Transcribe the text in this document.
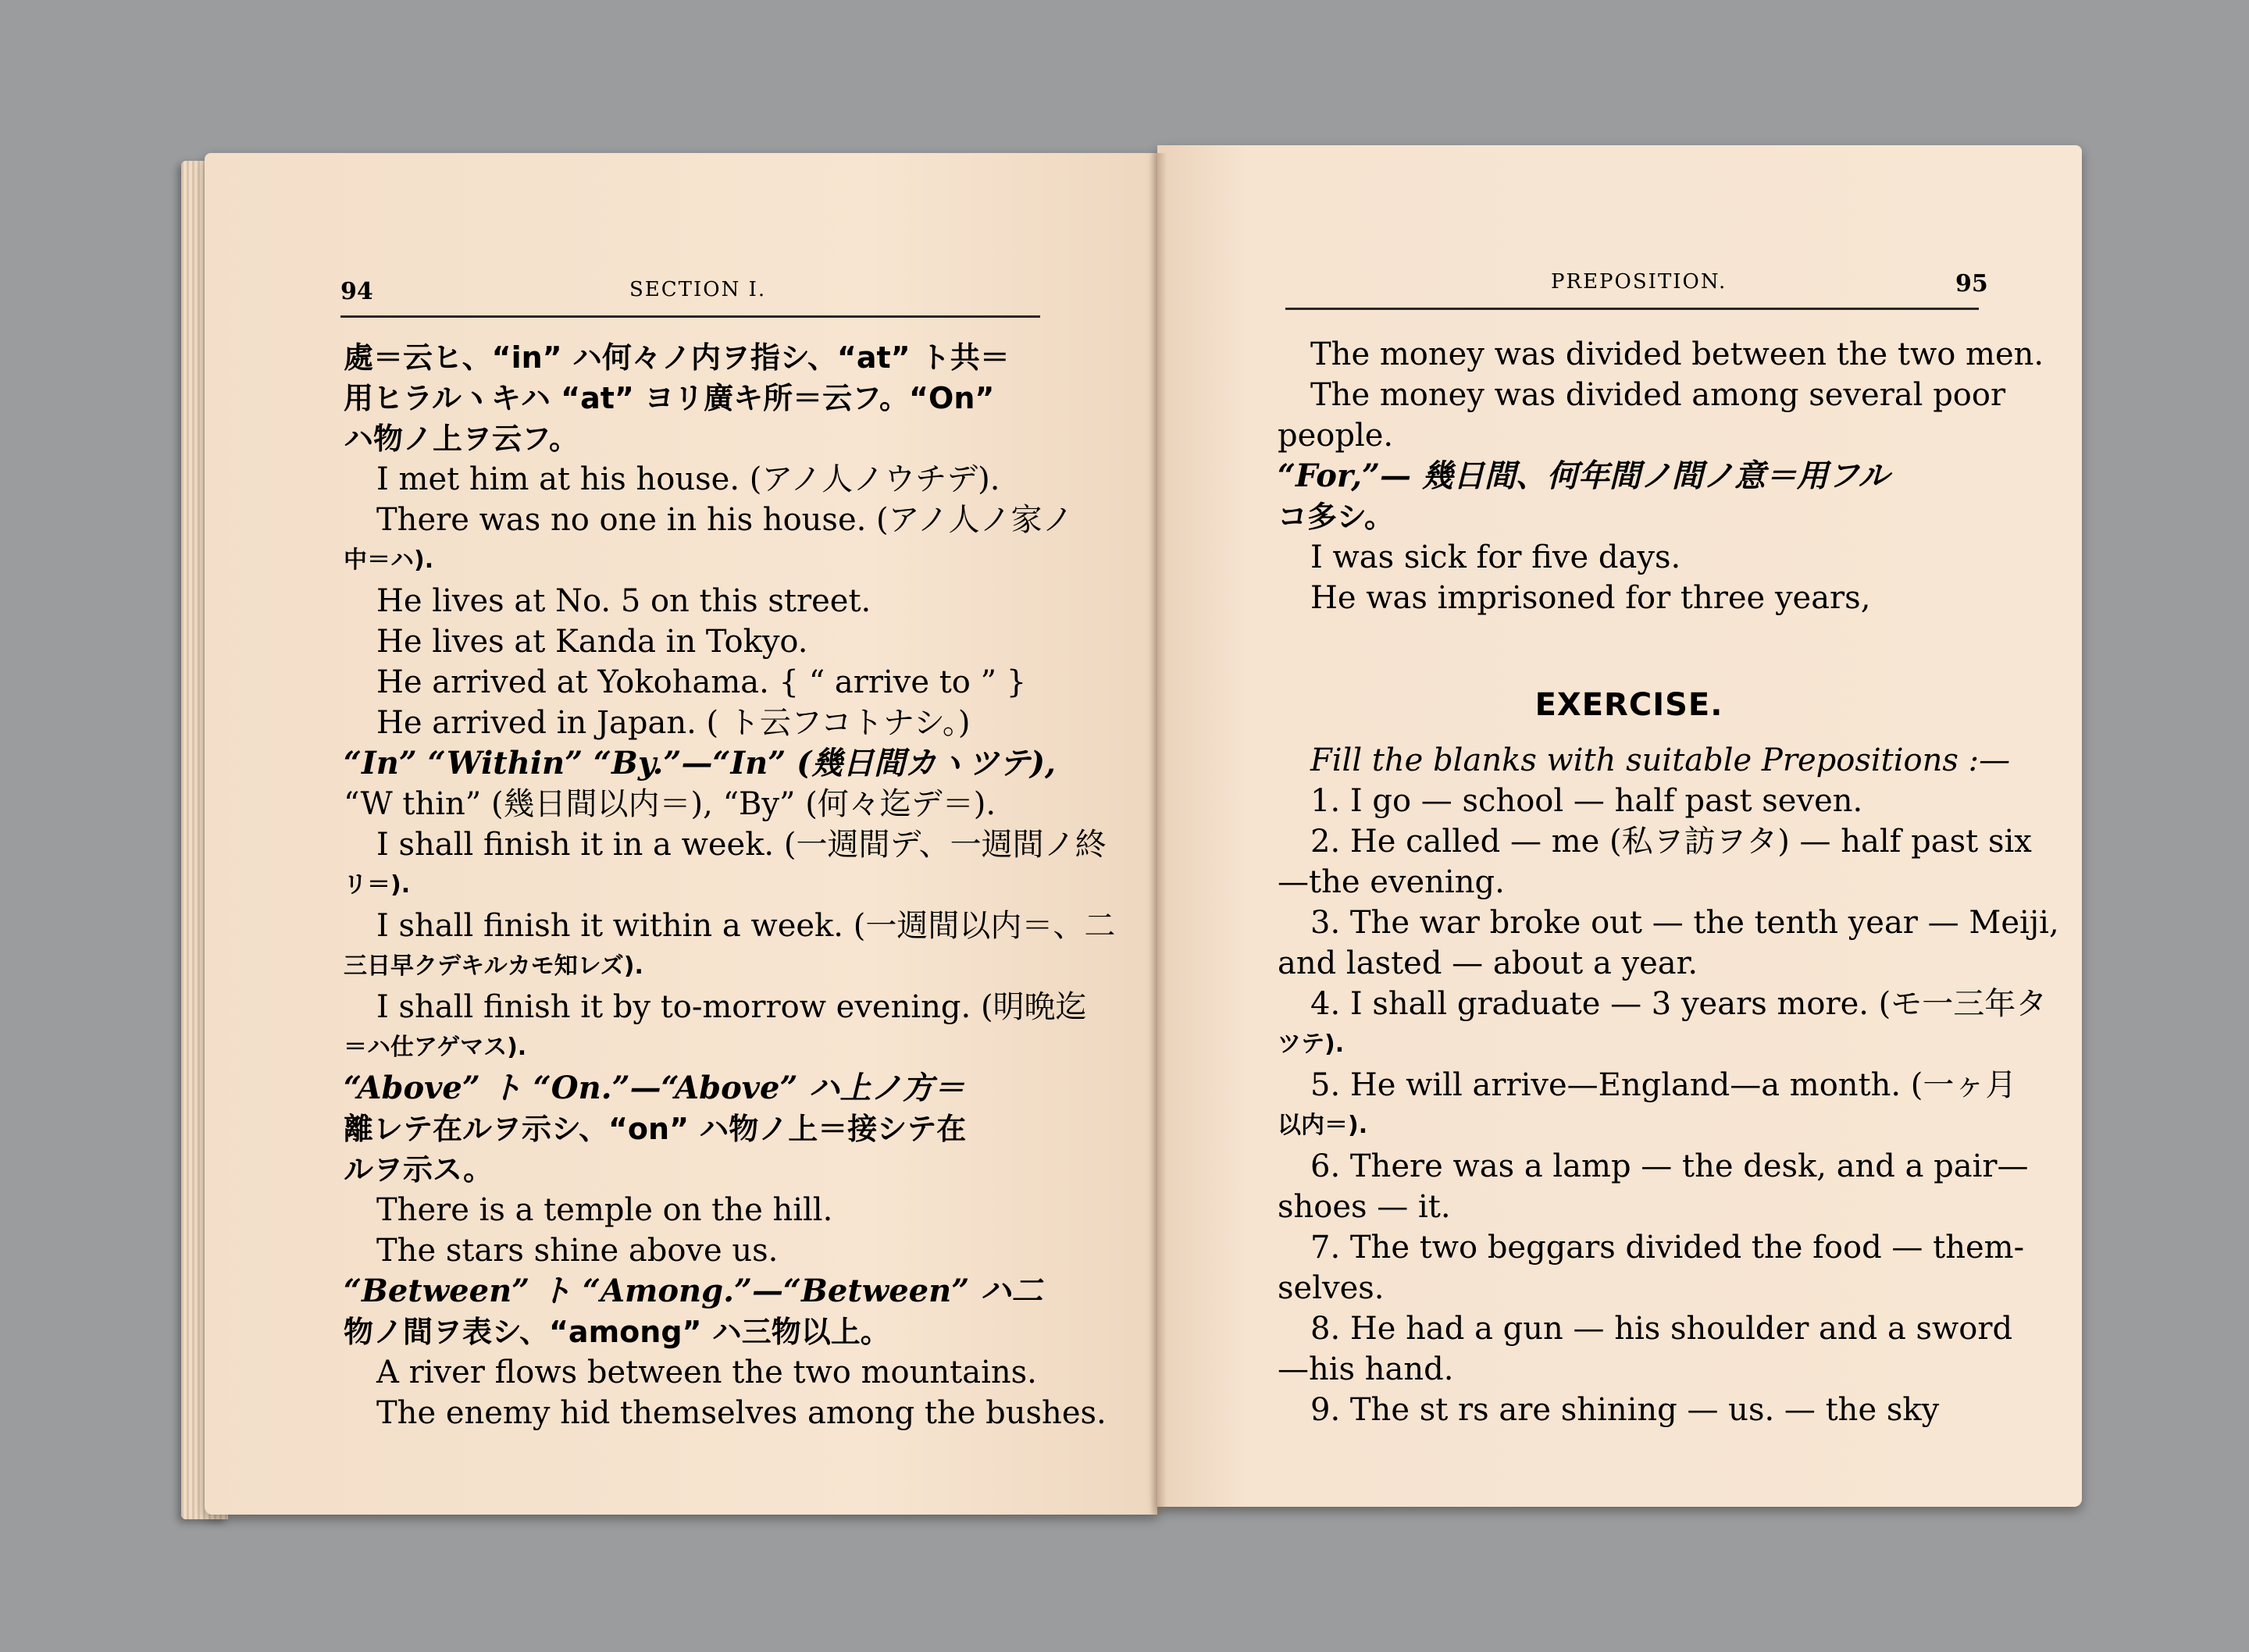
94	SECTION I.
處＝云ヒ、“in” ハ何々ノ内ヲ指シ、“at” ト共＝
用ヒラルヽキハ “at” ヨリ廣キ所＝云フ。“On”
ハ物ノ上ヲ云フ。
I met him at his house. (アノ人ノウチデ).
There was no one in his house. (アノ人ノ家ノ
中＝ハ).
He lives at No. 5 on this street.
He lives at Kanda in Tokyo.
He arrived at Yokohama. { “ arrive to ” }
He arrived in Japan. ( ト云フコトナシ。)
“In” “Within” “By.”—“In” (幾日間カヽツテ),
“W thin” (幾日間以内＝), “By” (何々迄デ＝).
I shall finish it in a week. (一週間デ、一週間ノ終
リ＝).
I shall finish it within a week. (一週間以内＝、二
三日早クデキルカモ知レズ).
I shall finish it by to-morrow evening. (明晩迄
＝ハ仕アゲマス).
“Above” ト “On.”—“Above” ハ上ノ方＝
離レテ在ルヲ示シ、“on” ハ物ノ上＝接シテ在
ルヲ示ス。
There is a temple on the hill.
The stars shine above us.
“Between” ト “Among.”—“Between” ハ二
物ノ間ヲ表シ、“among” ハ三物以上。
A river flows between the two mountains.
The enemy hid themselves among the bushes.
PREPOSITION.	95
The money was divided between the two men.
The money was divided among several poor
people.
“For,”— 幾日間、何年間ノ間ノ意＝用フル
コ多シ。
I was sick for five days.
He was imprisoned for three years,
EXERCISE.
Fill the blanks with suitable Prepositions :—
1. I go — school — half past seven.
2. He called — me (私ヲ訪ヲタ) — half past six
—the evening.
3. The war broke out — the tenth year — Meiji,
and lasted — about a year.
4. I shall graduate — 3 years more. (モ一三年タ
ツテ).
5. He will arrive—England—a month. (一ヶ月
以内＝).
6. There was a lamp — the desk, and a pair—
shoes — it.
7. The two beggars divided the food — them-
selves.
8. He had a gun — his shoulder and a sword
—his hand.
9. The st rs are shining — us. — the sky
